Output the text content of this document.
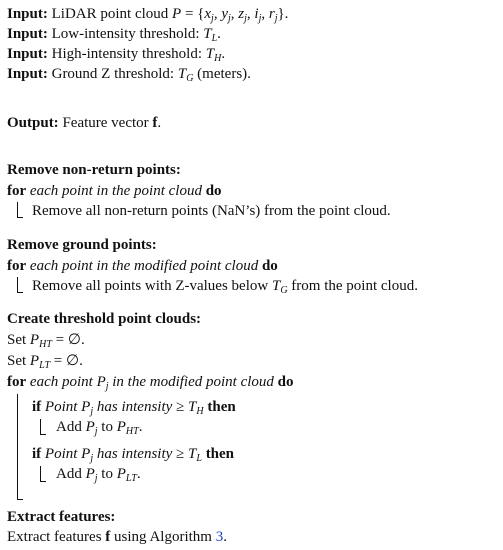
Input: LiDAR point cloud $P = \{x_j$, $y_j$, $z_j$, $i_j$, $r_j$}.
Input: Low-intensity threshold: $T_L$.
Input: High-intensity threshold: $T_H$.
Input: Ground Z threshold: $T_G$ (meters).
Output: Feature vector f.
Remove non-return points:
for each point in the point cloud do
Remove all non-return points (NaN’s) from the point cloud.
Remove ground points:
for each point in the modified point cloud do
Remove all points with Z-values below $T_G$ from the point cloud.
Create threshold point clouds:
Set $P_{HT}$ = ∅.
Set $P_{LT}$ = ∅.
for each point $P_j$ in the modified point cloud do
if Point $P_j$ has intensity ≥ $T_H$ then
Add $P_j$ to $P_{HT}$.
if Point $P_j$ has intensity ≥ $T_L$ then
Add $P_j$ to $P_{LT}$.
Extract features:
Extract features f using Algorithm 3.
